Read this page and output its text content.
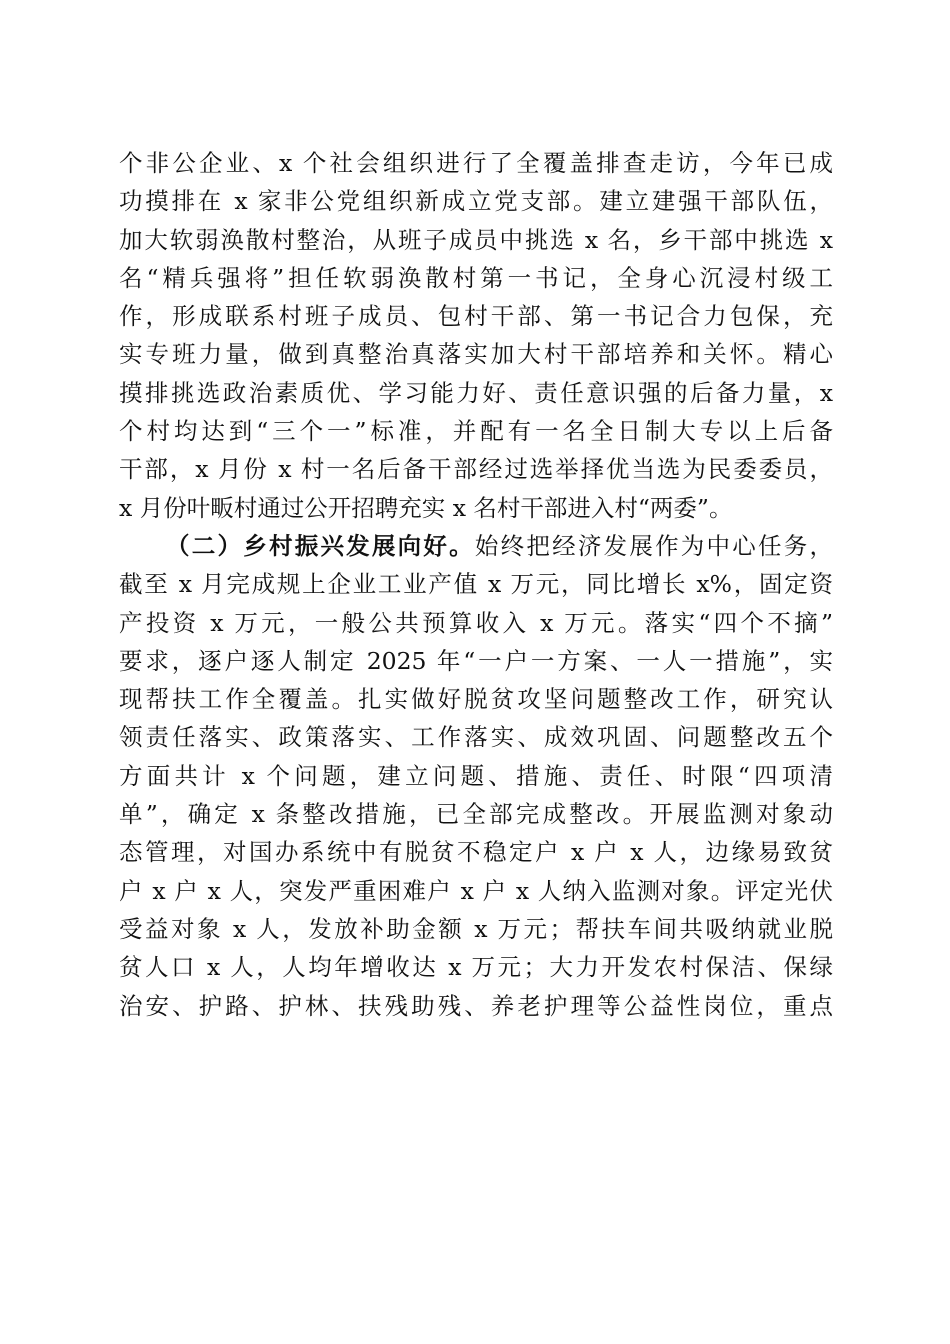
个非公企业、x 个社会组织进行了全覆盖排查走访，今年已成
功摸排在 x 家非公党组织新成立党支部。建立建强干部队伍，
加大软弱涣散村整治，从班子成员中挑选 x 名，乡干部中挑选 x
名“精兵强将”担任软弱涣散村第一书记，全身心沉浸村级工
作，形成联系村班子成员、包村干部、第一书记合力包保，充
实专班力量，做到真整治真落实加大村干部培养和关怀。精心
摸排挑选政治素质优、学习能力好、责任意识强的后备力量，x
个村均达到“三个一”标准，并配有一名全日制大专以上后备
干部，x 月份 x 村一名后备干部经过选举择优当选为民委委员，
x 月份叶畈村通过公开招聘充实 x 名村干部进入村“两委”。
（二）乡村振兴发展向好。始终把经济发展作为中心任务，
截至 x 月完成规上企业工业产值 x 万元，同比增长 x%，固定资
产投资 x 万元，一般公共预算收入 x 万元。落实“四个不摘”
要求，逐户逐人制定 2025 年“一户一方案、一人一措施”，实
现帮扶工作全覆盖。扎实做好脱贫攻坚问题整改工作，研究认
领责任落实、政策落实、工作落实、成效巩固、问题整改五个
方面共计 x 个问题，建立问题、措施、责任、时限“四项清
单”，确定 x 条整改措施，已全部完成整改。开展监测对象动
态管理，对国办系统中有脱贫不稳定户 x 户 x 人，边缘易致贫
户 x 户 x 人，突发严重困难户 x 户 x 人纳入监测对象。评定光伏
受益对象 x 人，发放补助金额 x 万元；帮扶车间共吸纳就业脱
贫人口 x 人，人均年增收达 x 万元；大力开发农村保洁、保绿
治安、护路、护林、扶残助残、养老护理等公益性岗位，重点
